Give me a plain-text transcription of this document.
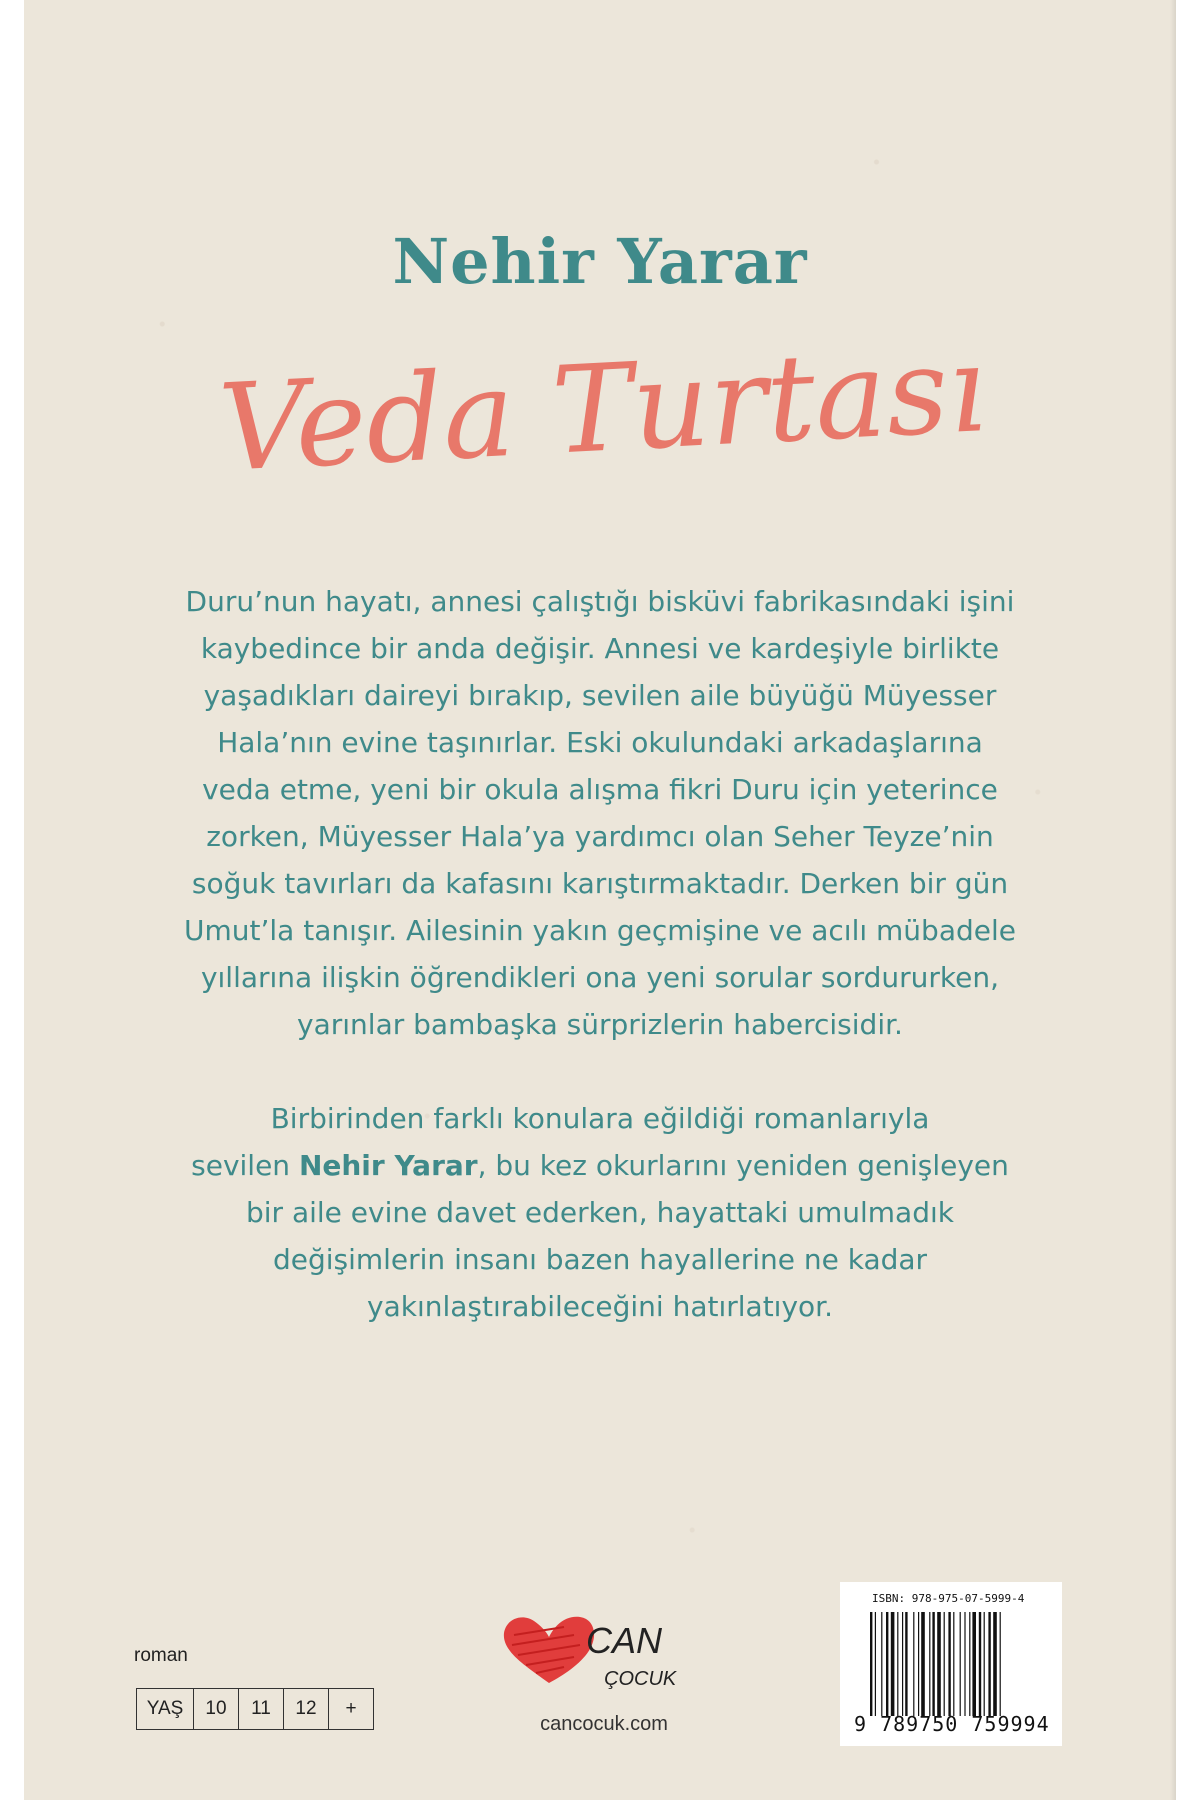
Nehir Yarar
Veda Turtası
Duru’nun hayatı, annesi çalıştığı bisküvi fabrikasındaki işini
kaybedince bir anda değişir. Annesi ve kardeşiyle birlikte
yaşadıkları daireyi bırakıp, sevilen aile büyüğü Müyesser
Hala’nın evine taşınırlar. Eski okulundaki arkadaşlarına
veda etme, yeni bir okula alışma fikri Duru için yeterince
zorken, Müyesser Hala’ya yardımcı olan Seher Teyze’nin
soğuk tavırları da kafasını karıştırmaktadır. Derken bir gün
Umut’la tanışır. Ailesinin yakın geçmişine ve acılı mübadele
yıllarına ilişkin öğrendikleri ona yeni sorular sordururken,
yarınlar bambaşka sürprizlerin habercisidir.
Birbirinden farklı konulara eğildiği romanlarıyla
sevilen Nehir Yarar, bu kez okurlarını yeniden genişleyen
bir aile evine davet ederken, hayattaki umulmadık
değişimlerin insanı bazen hayallerine ne kadar
yakınlaştırabileceğini hatırlatıyor.
roman
YAŞ	10	11	12	+
CAN
ÇOCUK
cancocuk.com
ISBN: 978-975-07-5999-4
9 789750 759994
